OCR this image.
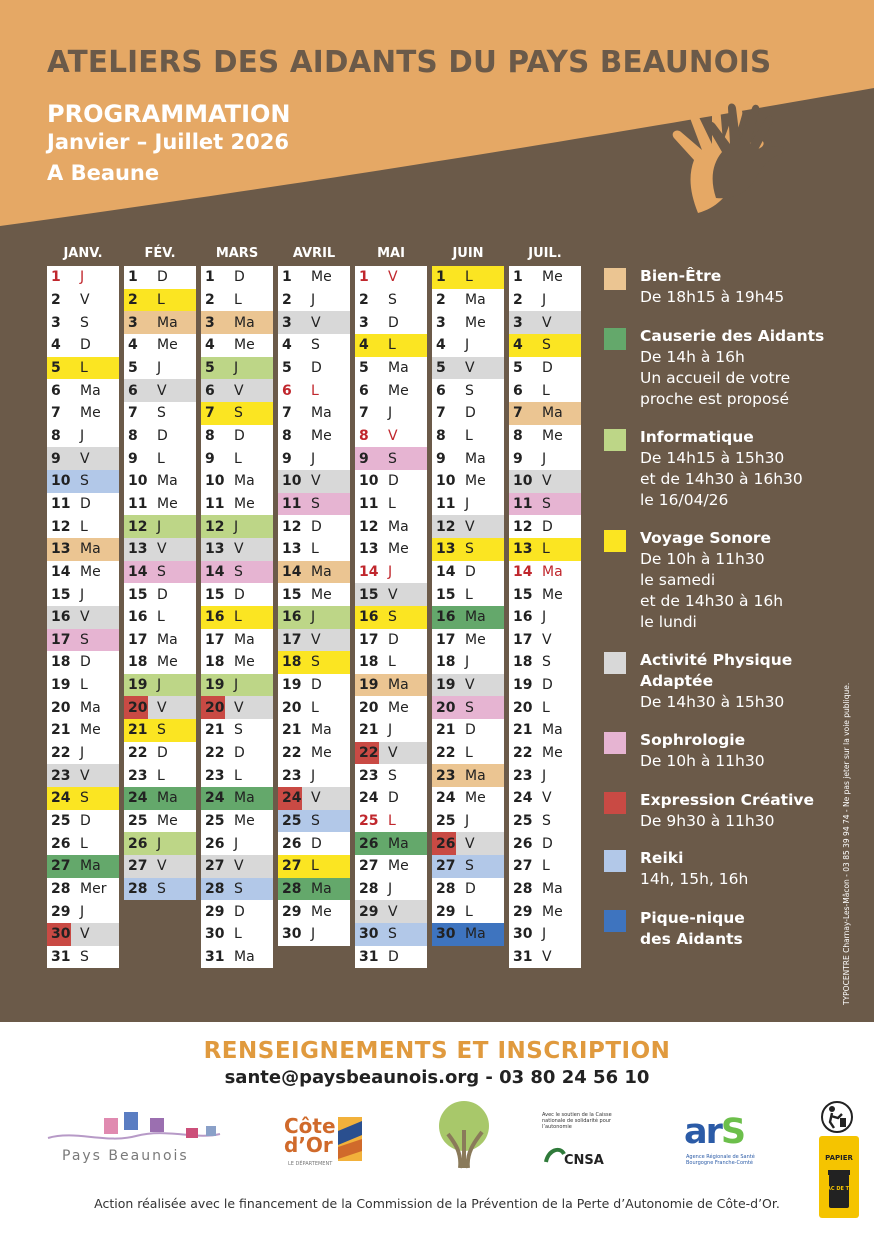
ATELIERS DES AIDANTS DU PAYS BEAUNOIS
PROGRAMMATION
Janvier – Juillet 2026
A Beaune
JANV.
1	J
2	V
3	S
4	D
5	L
6	Ma
7	Me
8	J
9	V
10 S
11 D
12 L
13 Ma
14 Me
15 J
16 V
17 S
18 D
19 L
20 Ma
21 Me
22 J
23 V
24 S
25 D
26 L
27 Ma
28 Mer
29 J
30 V
31 S
FÉV.
1	D
2	L
3	Ma
4	Me
5	J
6	V
7	S
8	D
9	L
10 Ma
11 Me
12 J
13 V
14 S
15 D
16 L
17 Ma
18 Me
19 J
20 V
21 S
22 D
23 L
24 Ma
25 Me
26 J
27 V
28 S
MARS
1	D
2	L
3	Ma
4	Me
5	J
6	V
7	S
8	D
9	L
10 Ma
11 Me
12 J
13 V
14 S
15 D
16 L
17 Ma
18 Me
19 J
20 V
21 S
22 D
23 L
24 Ma
25 Me
26 J
27 V
28 S
29 D
30 L
31 Ma
AVRIL
1	Me
2	J
3	V
4	S
5	D
6	L
7	Ma
8	Me
9	J
10 V
11 S
12 D
13 L
14 Ma
15 Me
16 J
17 V
18 S
19 D
20 L
21 Ma
22 Me
23 J
24 V
25 S
26 D
27 L
28 Ma
29 Me
30 J
MAI
1	V
2	S
3	D
4	L
5	Ma
6	Me
7	J
8	V
9	S
10 D
11 L
12 Ma
13 Me
14 J
15 V
16 S
17 D
18 L
19 Ma
20 Me
21 J
22 V
23 S
24 D
25 L
26 Ma
27 Me
28 J
29 V
30 S
31 D
JUIN
1	L
2	Ma
3	Me
4	J
5	V
6	S
7	D
8	L
9	Ma
10 Me
11 J
12 V
13 S
14 D
15 L
16 Ma
17 Me
18 J
19 V
20 S
21 D
22 L
23 Ma
24 Me
25 J
26 V
27 S
28 D
29 L
30 Ma
JUIL.
1	Me
2	J
3	V
4	S
5	D
6	L
7	Ma
8	Me
9	J
10 V
11 S
12 D
13 L
14 Ma
15 Me
16 J
17 V
18 S
19 D
20 L
21 Ma
22 Me
23 J
24 V
25 S
26 D
27 L
28 Ma
29 Me
30 J
31 V
Bien-Être
De 18h15 à 19h45
Causerie des Aidants
De 14h à 16h
Un accueil de votre
proche est proposé
Informatique
De 14h15 à 15h30
et de 14h30 à 16h30
le 16/04/26
Voyage Sonore
De 10h à 11h30
le samedi
et de 14h30 à 16h
le lundi
Activité Physique
Adaptée
De 14h30 à 15h30
Sophrologie
De 10h à 11h30
Expression Créative
De 9h30 à 11h30
Reiki
14h, 15h, 16h
Pique-nique
des Aidants	TYPOCENTRE Charnay-Les-Mâcon - 03 85 39 94 74 - Ne pas jeter sur la voie publique.
RENSEIGNEMENTS ET INSCRIPTION
sante@paysbeaunois.org - 03 80 24 56 10
Pays Beaunois
Côte
d’Or
LE DÉPARTEMENT
Avec le soutien de la Caisse nationale de solidarité pour l’autonomie
CNSA
arS
Agence Régionale de Santé Bourgogne Franche-Comté
PAPIER
BAC DE TRI
Action réalisée avec le financement de la Commission de la Prévention de la Perte d’Autonomie de Côte-d’Or.
